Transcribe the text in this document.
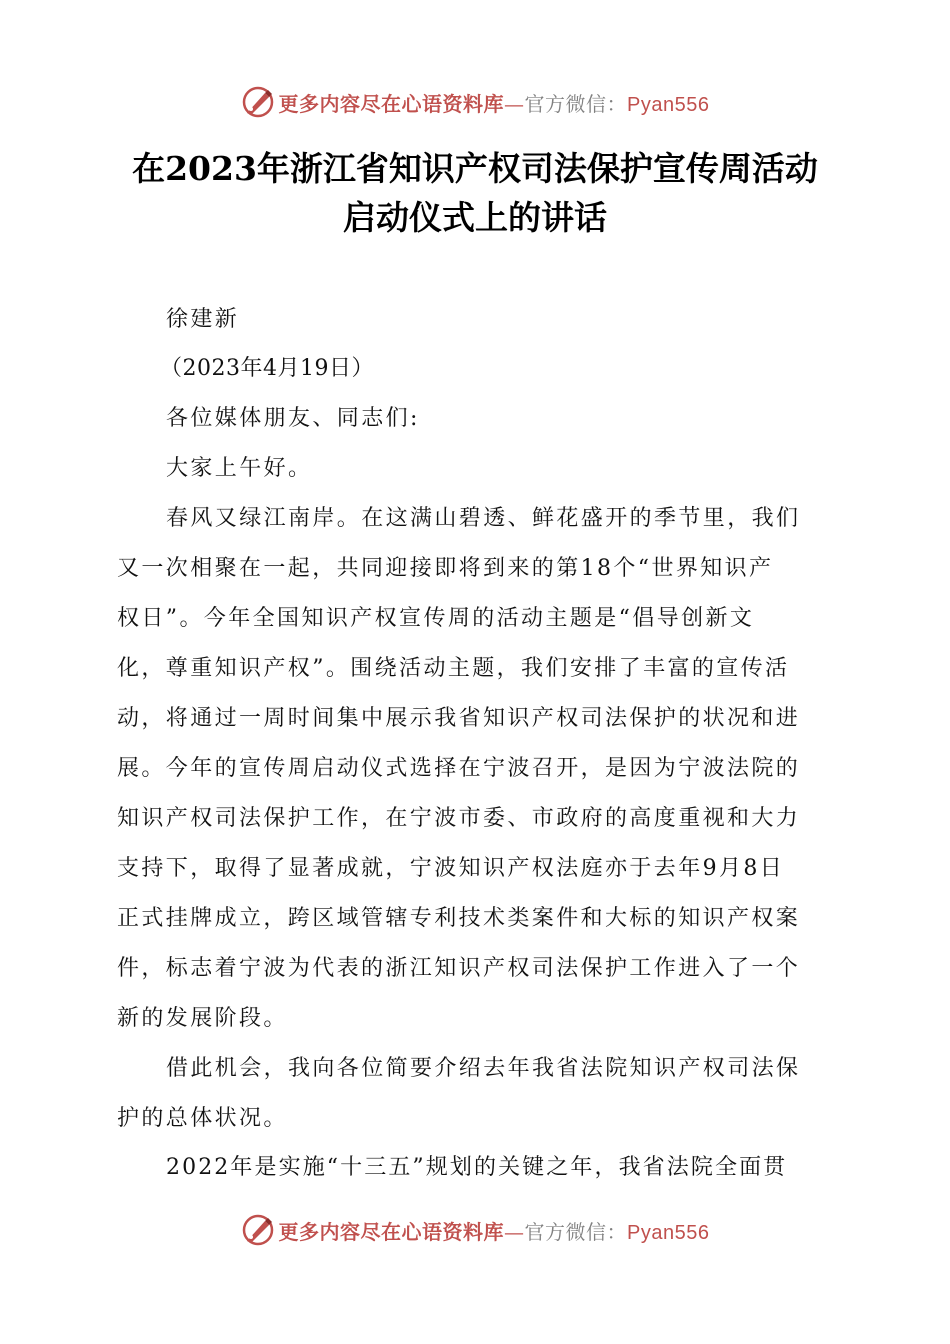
更多内容尽在心语资料库—官方微信：Pyan556
在2023年浙江省知识产权司法保护宣传周活动
启动仪式上的讲话

徐建新

（2023年4月19日）

各位媒体朋友、同志们:

大家上午好。

春风又绿江南岸。在这满山碧透、鲜花盛开的季节里，我们

又一次相聚在一起，共同迎接即将到来的第18个“世界知识产

权日”。今年全国知识产权宣传周的活动主题是“倡导创新文

化，尊重知识产权”。围绕活动主题，我们安排了丰富的宣传活

动，将通过一周时间集中展示我省知识产权司法保护的状况和进

展。今年的宣传周启动仪式选择在宁波召开，是因为宁波法院的

知识产权司法保护工作，在宁波市委、市政府的高度重视和大力

支持下，取得了显著成就，宁波知识产权法庭亦于去年9月8日

正式挂牌成立，跨区域管辖专利技术类案件和大标的知识产权案

件，标志着宁波为代表的浙江知识产权司法保护工作进入了一个

新的发展阶段。

借此机会，我向各位简要介绍去年我省法院知识产权司法保

护的总体状况。

2022年是实施“十三五”规划的关键之年，我省法院全面贯

更多内容尽在心语资料库—官方微信：Pyan556
